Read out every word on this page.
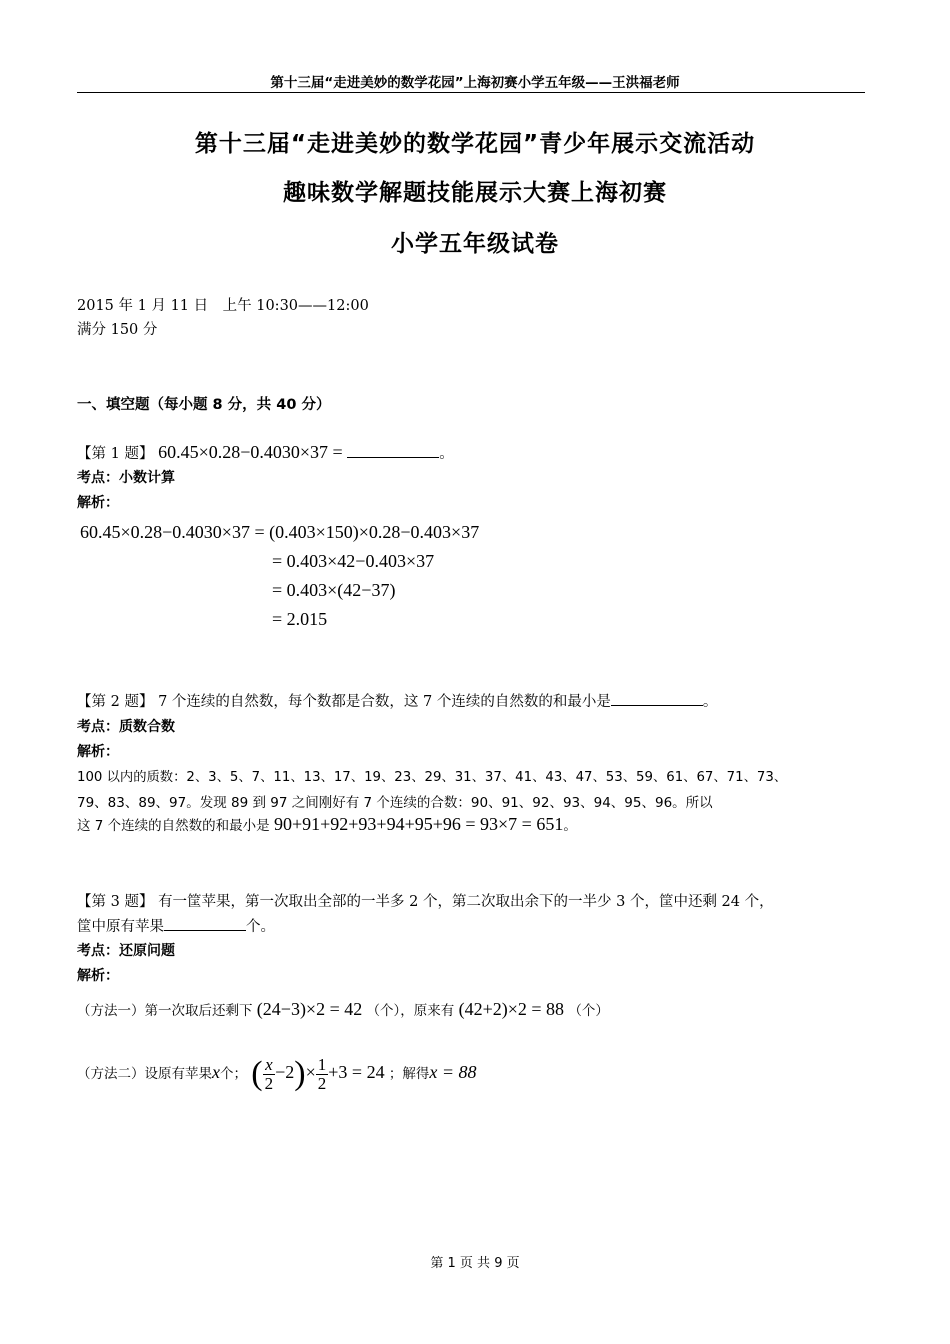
第十三届“走进美妙的数学花园”上海初赛小学五年级——王洪福老师
第十三届“走进美妙的数学花园”青少年展示交流活动
趣味数学解题技能展示大赛上海初赛
小学五年级试卷
2015 年 1 月 11 日　上午 10:30——12:00
满分 150 分
一、填空题（每小题 8 分，共 40 分）
【第 1 题】 60.45×0.28−0.4030×37 =	。
考点：小数计算
解析：
60.45×0.28−0.4030×37 = (0.403×150)×0.28−0.403×37
= 0.403×42−0.403×37
= 0.403×(42−37)
= 2.015
【第 2 题】 7 个连续的自然数，每个数都是合数，这 7 个连续的自然数的和最小是	。
考点：质数合数
解析：
100 以内的质数：2、3、5、7、11、13、17、19、23、29、31、37、41、43、47、53、59、61、67、71、73、
79、83、89、97。发现 89 到 97 之间刚好有 7 个连续的合数：90、91、92、93、94、95、96。所以
这 7 个连续的自然数的和最小是 90+91+92+93+94+95+96 = 93×7 = 651。
【第 3 题】 有一筐苹果，第一次取出全部的一半多 2 个，第二次取出余下的一半少 3 个，筐中还剩 24 个，
筐中原有苹果	个。
考点：还原问题
解析：
（方法一）第一次取后还剩下 (24−3)×2 = 42 （个），原来有 (42+2)×2 = 88 （个）
（方法二）设原有苹果x个； ( $\frac{x}{2} -2)\times \frac{1}{2} +3 = 24$ ；解得x = 88
第 1 页 共 9 页
